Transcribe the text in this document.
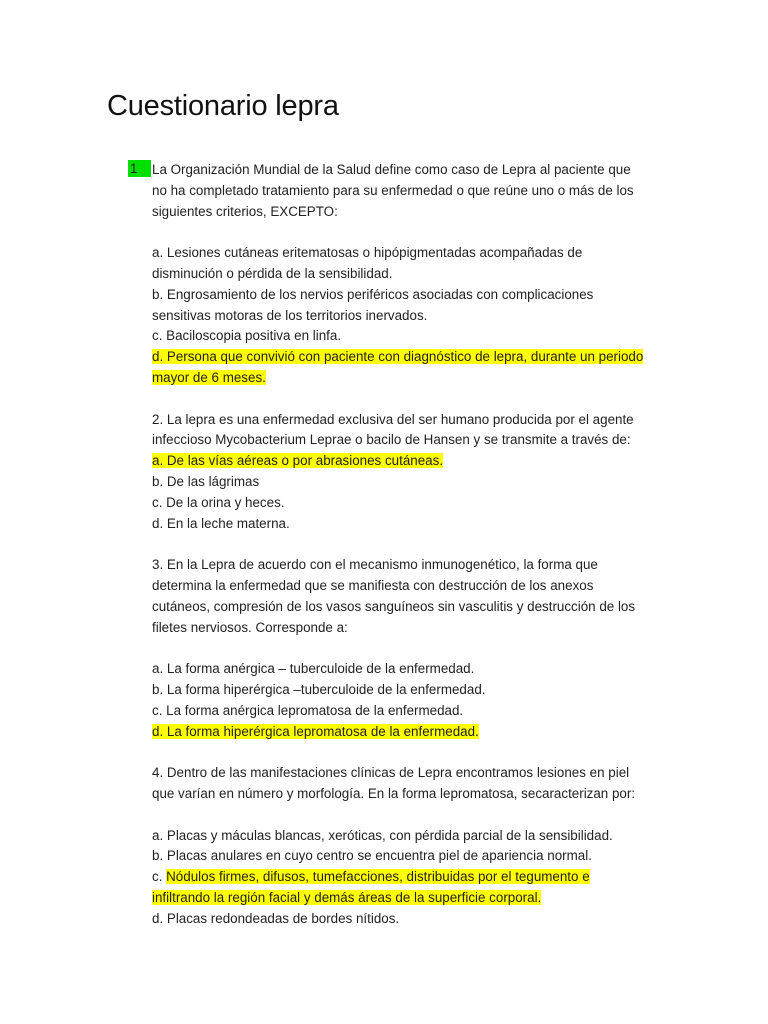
Cuestionario lepra
1	La Organización Mundial de la Salud define como caso de Lepra al paciente que
no ha completado tratamiento para su enfermedad o que reúne uno o más de los
siguientes criterios, EXCEPTO:
a. Lesiones cutáneas eritematosas o hipópigmentadas acompañadas de
disminución o pérdida de la sensibilidad.
b. Engrosamiento de los nervios periféricos asociadas con complicaciones
sensitivas motoras de los territorios inervados.
c. Baciloscopia positiva en linfa.
d. Persona que convivió con paciente con diagnóstico de lepra, durante un periodo
mayor de 6 meses.
2. La lepra es una enfermedad exclusiva del ser humano producida por el agente
infeccioso Mycobacterium Leprae o bacilo de Hansen y se transmite a través de:
a. De las vías aéreas o por abrasiones cutáneas.
b. De las lágrimas
c. De la orina y heces.
d. En la leche materna.
3. En la Lepra de acuerdo con el mecanismo inmunogenético, la forma que
determina la enfermedad que se manifiesta con destrucción de los anexos
cutáneos, compresión de los vasos sanguíneos sin vasculitis y destrucción de los
filetes nerviosos. Corresponde a:
a. La forma anérgica – tuberculoide de la enfermedad.
b. La forma hiperérgica –tuberculoide de la enfermedad.
c. La forma anérgica lepromatosa de la enfermedad.
d. La forma hiperérgica lepromatosa de la enfermedad.
4. Dentro de las manifestaciones clínicas de Lepra encontramos lesiones en piel
que varían en número y morfología. En la forma lepromatosa, secaracterizan por:
a. Placas y máculas blancas, xeróticas, con pérdida parcial de la sensibilidad.
b. Placas anulares en cuyo centro se encuentra piel de apariencia normal.
c. Nódulos firmes, difusos, tumefacciones, distribuidas por el tegumento e
infiltrando la región facial y demás áreas de la superficie corporal.
d. Placas redondeadas de bordes nítidos.
